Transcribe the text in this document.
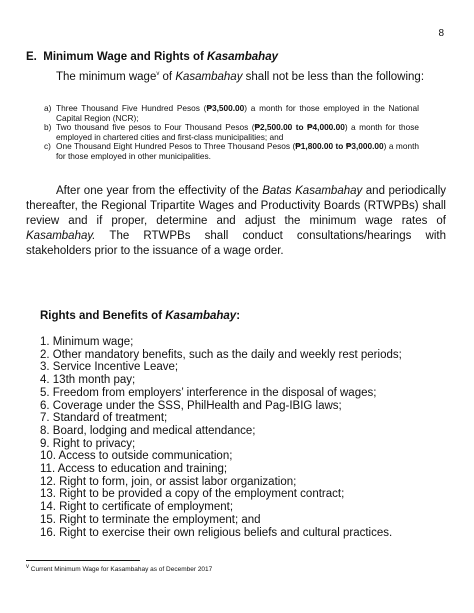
8
E.  Minimum Wage and Rights of Kasambahay
The minimum wage$^v$ of Kasambahay shall not be less than the following:
a) Three Thousand Five Hundred Pesos (₱3,500.00) a month for those employed in the National Capital Region (NCR);
b) Two thousand five pesos to Four Thousand Pesos (₱2,500.00 to ₱4,000.00) a month for those employed in chartered cities and first-class municipalities; and
c) One Thousand Eight Hundred Pesos to Three Thousand Pesos (₱1,800.00 to ₱3,000.00) a month for those employed in other municipalities.
After one year from the effectivity of the Batas Kasambahay and periodically thereafter, the Regional Tripartite Wages and Productivity Boards (RTWPBs) shall review and if proper, determine and adjust the minimum wage rates of Kasambahay. The RTWPBs shall conduct consultations/hearings with stakeholders prior to the issuance of a wage order.
Rights and Benefits of Kasambahay:
1. Minimum wage;
2. Other mandatory benefits, such as the daily and weekly rest periods;
3. Service Incentive Leave;
4. 13th month pay;
5. Freedom from employers’ interference in the disposal of wages;
6. Coverage under the SSS, PhilHealth and Pag-IBIG laws;
7. Standard of treatment;
8. Board, lodging and medical attendance;
9. Right to privacy;
10. Access to outside communication;
11. Access to education and training;
12. Right to form, join, or assist labor organization;
13. Right to be provided a copy of the employment contract;
14. Right to certificate of employment;
15. Right to terminate the employment; and
16. Right to exercise their own religious beliefs and cultural practices.
$^v$ Current Minimum Wage for Kasambahay as of December 2017
